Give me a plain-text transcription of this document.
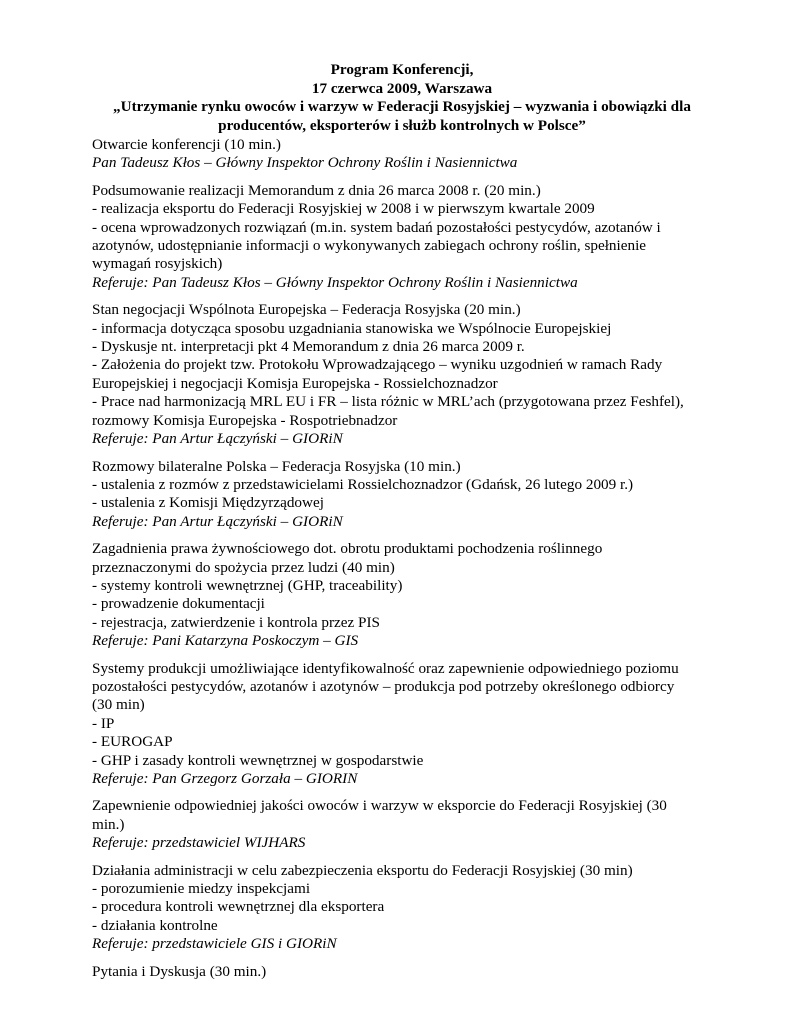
Program Konferencji,
17 czerwca 2009, Warszawa
„Utrzymanie rynku owoców i warzyw w Federacji Rosyjskiej – wyzwania i obowiązki dla
producentów, eksporterów i służb kontrolnych w Polsce”
Otwarcie konferencji (10 min.)
Pan Tadeusz Kłos – Główny Inspektor Ochrony Roślin i Nasiennictwa
Podsumowanie realizacji Memorandum z dnia 26 marca 2008 r. (20 min.)
- realizacja eksportu do Federacji Rosyjskiej w 2008 i w pierwszym kwartale 2009
- ocena wprowadzonych rozwiązań (m.in. system badań pozostałości pestycydów, azotanów i
azotynów, udostępnianie informacji o wykonywanych zabiegach ochrony roślin, spełnienie
wymagań rosyjskich)
Referuje: Pan Tadeusz Kłos – Główny Inspektor Ochrony Roślin i Nasiennictwa
Stan negocjacji Wspólnota Europejska – Federacja Rosyjska (20 min.)
- informacja dotycząca sposobu uzgadniania stanowiska we Wspólnocie Europejskiej
- Dyskusje nt. interpretacji pkt 4 Memorandum z dnia 26 marca 2009 r.
- Założenia do projekt tzw. Protokołu Wprowadzającego – wyniku uzgodnień w ramach Rady
Europejskiej i negocjacji Komisja Europejska - Rossielchoznadzor
- Prace nad harmonizacją MRL EU i FR – lista różnic w MRL’ach (przygotowana przez Feshfel),
rozmowy Komisja Europejska - Rospotriebnadzor
Referuje: Pan Artur Łączyński – GIORiN
Rozmowy bilateralne Polska – Federacja Rosyjska (10 min.)
- ustalenia z rozmów z przedstawicielami Rossielchoznadzor (Gdańsk, 26 lutego 2009 r.)
- ustalenia z Komisji Międzyrządowej
Referuje: Pan Artur Łączyński – GIORiN
Zagadnienia prawa żywnościowego dot. obrotu produktami pochodzenia roślinnego
przeznaczonymi do spożycia przez ludzi (40 min)
- systemy kontroli wewnętrznej (GHP, traceability)
- prowadzenie dokumentacji
- rejestracja, zatwierdzenie i kontrola przez PIS
Referuje: Pani Katarzyna Poskoczym – GIS
Systemy produkcji umożliwiające identyfikowalność oraz zapewnienie odpowiedniego poziomu
pozostałości pestycydów, azotanów i azotynów – produkcja pod potrzeby określonego odbiorcy
(30 min)
- IP
- EUROGAP
- GHP i zasady kontroli wewnętrznej w gospodarstwie
Referuje: Pan Grzegorz Gorzała – GIORIN
Zapewnienie odpowiedniej jakości owoców i warzyw w eksporcie do Federacji Rosyjskiej (30
min.)
Referuje: przedstawiciel WIJHARS
Działania administracji w celu zabezpieczenia eksportu do Federacji Rosyjskiej (30 min)
- porozumienie miedzy inspekcjami
- procedura kontroli wewnętrznej dla eksportera
- działania kontrolne
Referuje: przedstawiciele GIS i GIORiN
Pytania i Dyskusja (30 min.)
